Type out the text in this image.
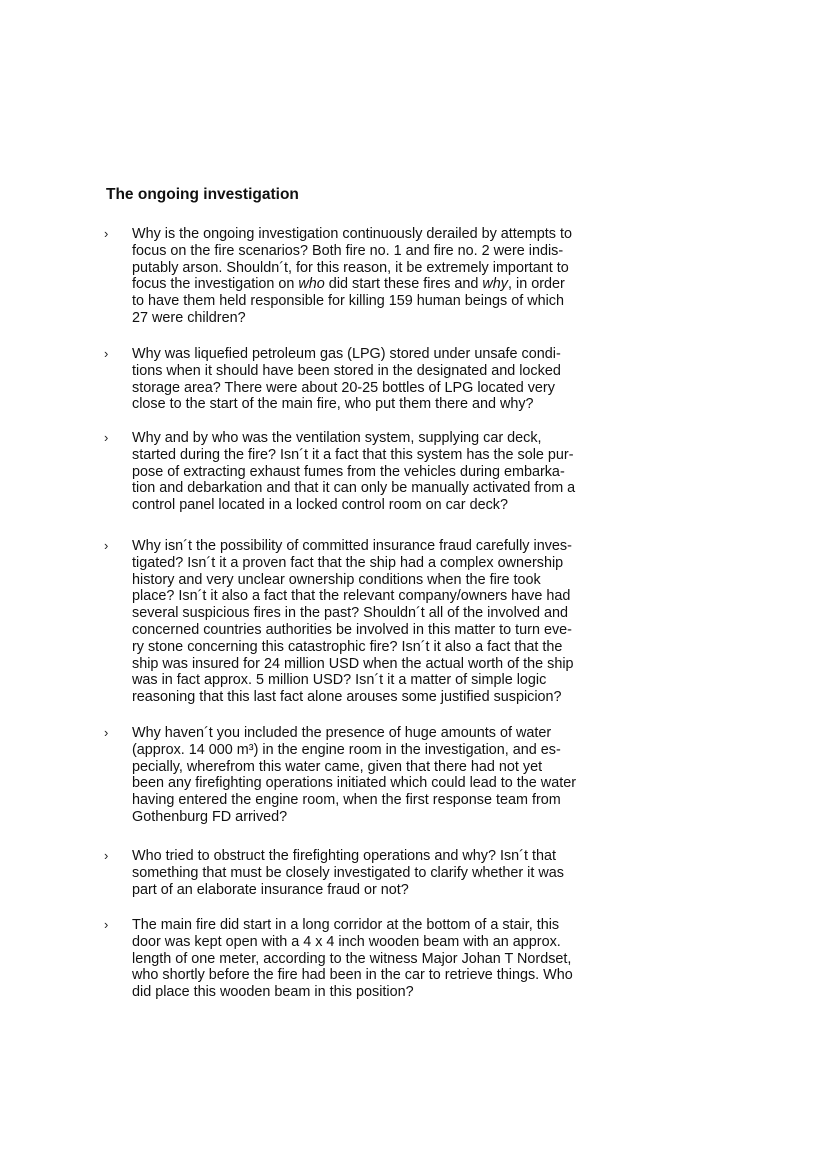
The ongoing investigation
›	Why is the ongoing investigation continuously derailed by attempts to
focus on the fire scenarios? Both fire no. 1 and fire no. 2 were indis-
putably arson. Shouldn´t, for this reason, it be extremely important to
focus the investigation on who did start these fires and why, in order
to have them held responsible for killing 159 human beings of which
27 were children?
›	Why was liquefied petroleum gas (LPG) stored under unsafe condi-
tions when it should have been stored in the designated and locked
storage area? There were about 20-25 bottles of LPG located very
close to the start of the main fire, who put them there and why?
›	Why and by who was the ventilation system, supplying car deck,
started during the fire? Isn´t it a fact that this system has the sole pur-
pose of extracting exhaust fumes from the vehicles during embarka-
tion and debarkation and that it can only be manually activated from a
control panel located in a locked control room on car deck?
›	Why isn´t the possibility of committed insurance fraud carefully inves-
tigated? Isn´t it a proven fact that the ship had a complex ownership
history and very unclear ownership conditions when the fire took
place? Isn´t it also a fact that the relevant company/owners have had
several suspicious fires in the past? Shouldn´t all of the involved and
concerned countries authorities be involved in this matter to turn eve-
ry stone concerning this catastrophic fire? Isn´t it also a fact that the
ship was insured for 24 million USD when the actual worth of the ship
was in fact approx. 5 million USD? Isn´t it a matter of simple logic
reasoning that this last fact alone arouses some justified suspicion?
›	Why haven´t you included the presence of huge amounts of water
(approx. 14 000 m³) in the engine room in the investigation, and es-
pecially, wherefrom this water came, given that there had not yet
been any firefighting operations initiated which could lead to the water
having entered the engine room, when the first response team from
Gothenburg FD arrived?
›	Who tried to obstruct the firefighting operations and why? Isn´t that
something that must be closely investigated to clarify whether it was
part of an elaborate insurance fraud or not?
›	The main fire did start in a long corridor at the bottom of a stair, this
door was kept open with a 4 x 4 inch wooden beam with an approx.
length of one meter, according to the witness Major Johan T Nordset,
who shortly before the fire had been in the car to retrieve things. Who
did place this wooden beam in this position?
